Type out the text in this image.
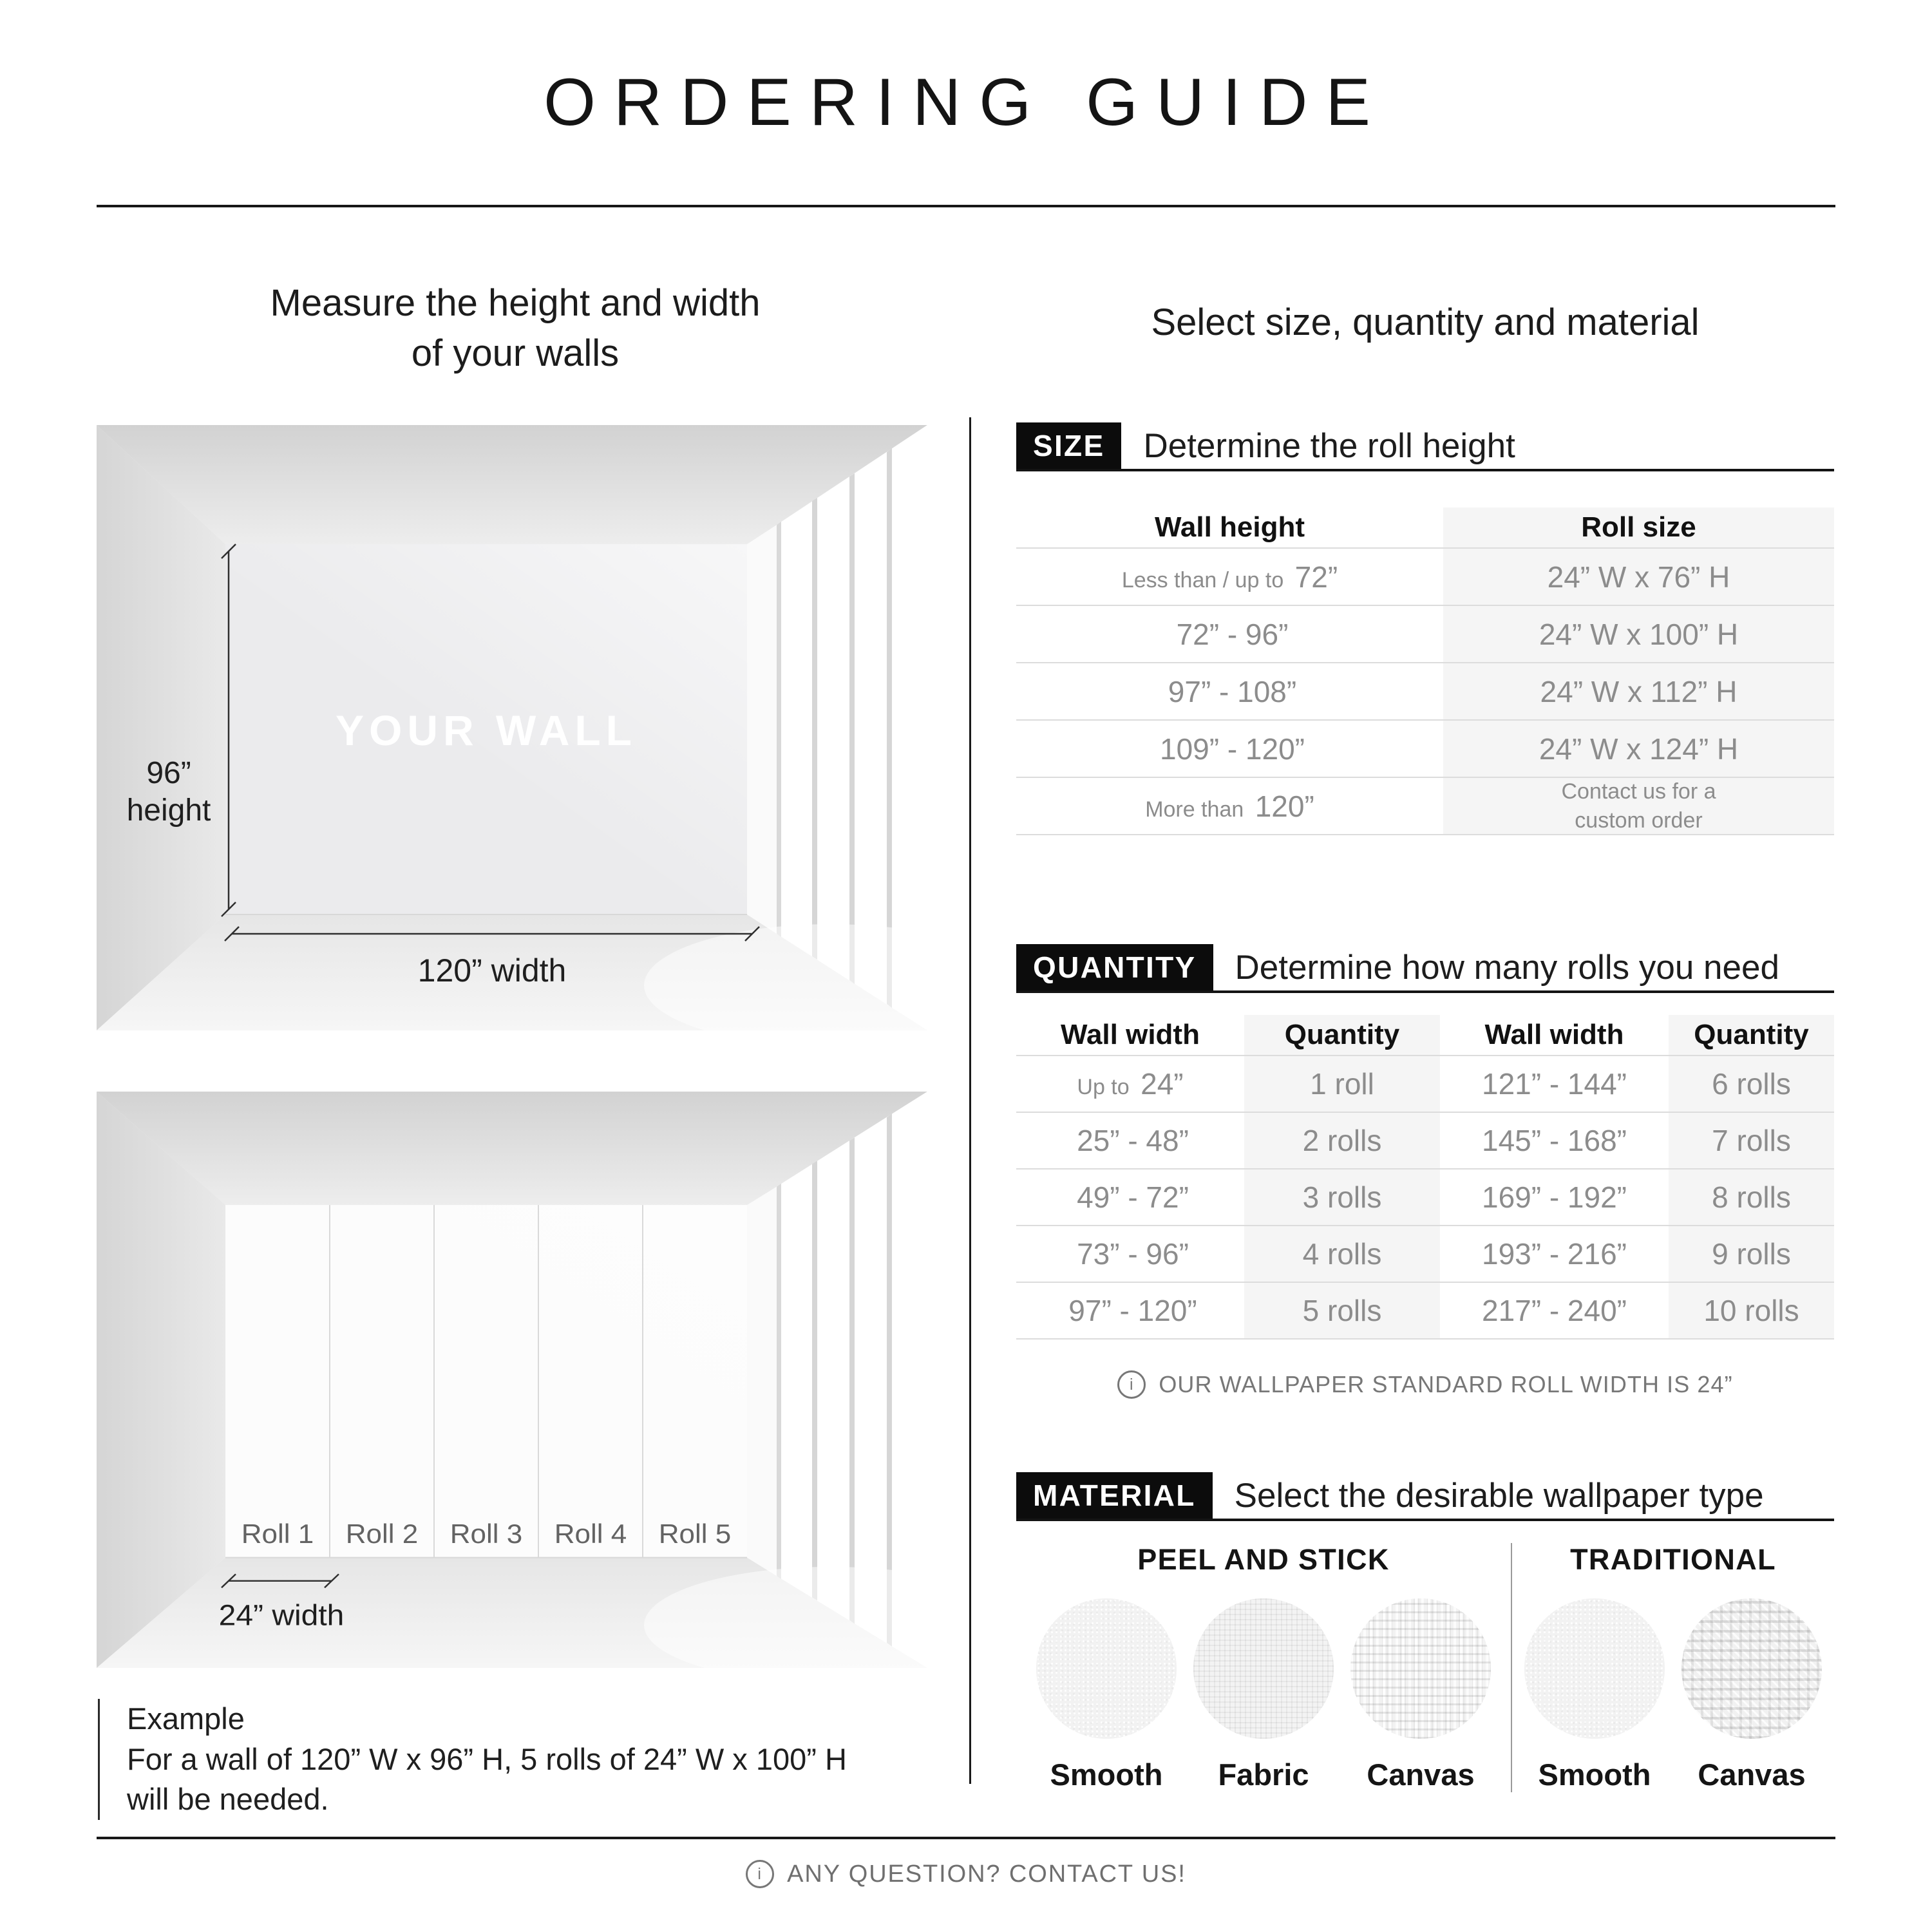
ORDERING GUIDE
Measure the height and width
of your walls
YOUR WALL
96”
height
120” width
Roll 1 Roll 2 Roll 3 Roll 4 Roll 5
24” width
Example
For a wall of 120” W x 96” H, 5 rolls of 24” W x 100” H
will be needed.
Select size, quantity and material
SIZE	Determine the roll height
Wall height	Roll size
Less than / up to 72”	24” W x 76” H
72” - 96”	24” W x 100” H
97” - 108”	24” W x 112” H
109” - 120”	24” W x 124” H
More than 120”	Contact us for a custom order
QUANTITY	Determine how many rolls you need
Wall width	Quantity	Wall width	Quantity
Up to 24”	1 roll	121” - 144”	6 rolls
25” - 48”	2 rolls	145” - 168”	7 rolls
49” - 72”	3 rolls	169” - 192”	8 rolls
73” - 96”	4 rolls	193” - 216”	9 rolls
97” - 120”	5 rolls	217” - 240”	10 rolls
i OUR WALLPAPER STANDARD ROLL WIDTH IS 24”
MATERIAL	Select the desirable wallpaper type
PEEL AND STICK
Smooth Fabric Canvas
TRADITIONAL
Smooth Canvas
i ANY QUESTION? CONTACT US!
